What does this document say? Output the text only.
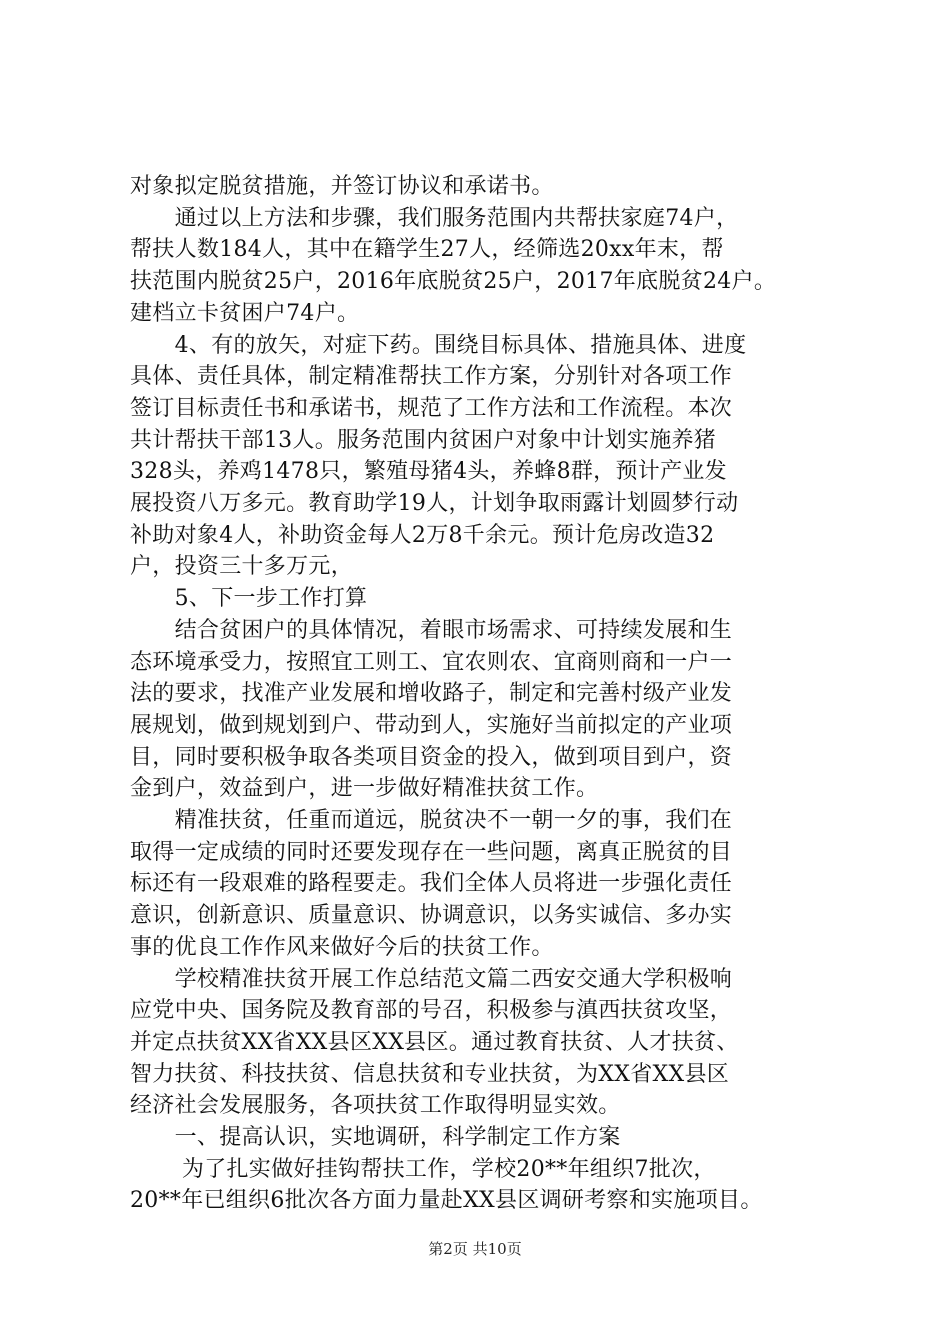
对象拟定脱贫措施，并签订协议和承诺书。
　　通过以上方法和步骤，我们服务范围内共帮扶家庭74户，
帮扶人数184人，其中在籍学生27人，经筛选20xx年末，帮
扶范围内脱贫25户，2016年底脱贫25户，2017年底脱贫24户。
建档立卡贫困户74户。
　　4、有的放矢，对症下药。围绕目标具体、措施具体、进度
具体、责任具体，制定精准帮扶工作方案，分别针对各项工作
签订目标责任书和承诺书，规范了工作方法和工作流程。本次
共计帮扶干部13人。服务范围内贫困户对象中计划实施养猪
328头，养鸡1478只，繁殖母猪4头，养蜂8群，预计产业发
展投资八万多元。教育助学19人，计划争取雨露计划圆梦行动
补助对象4人，补助资金每人2万8千余元。预计危房改造32
户，投资三十多万元，
　　5、下一步工作打算
　　结合贫困户的具体情况，着眼市场需求、可持续发展和生
态环境承受力，按照宜工则工、宜农则农、宜商则商和一户一
法的要求，找准产业发展和增收路子，制定和完善村级产业发
展规划，做到规划到户、带动到人，实施好当前拟定的产业项
目，同时要积极争取各类项目资金的投入，做到项目到户，资
金到户，效益到户，进一步做好精准扶贫工作。
　　精准扶贫，任重而道远，脱贫决不一朝一夕的事，我们在
取得一定成绩的同时还要发现存在一些问题，离真正脱贫的目
标还有一段艰难的路程要走。我们全体人员将进一步强化责任
意识，创新意识、质量意识、协调意识，以务实诚信、多办实
事的优良工作作风来做好今后的扶贫工作。
　　学校精准扶贫开展工作总结范文篇二西安交通大学积极响
应党中央、国务院及教育部的号召，积极参与滇西扶贫攻坚，
并定点扶贫XX省XX县区XX县区。通过教育扶贫、人才扶贫、
智力扶贫、科技扶贫、信息扶贫和专业扶贫，为XX省XX县区
经济社会发展服务，各项扶贫工作取得明显实效。
　　一、提高认识，实地调研，科学制定工作方案
　　 为了扎实做好挂钩帮扶工作，学校20**年组织7批次，
20**年已组织6批次各方面力量赴XX县区调研考察和实施项目。
第2页 共10页
